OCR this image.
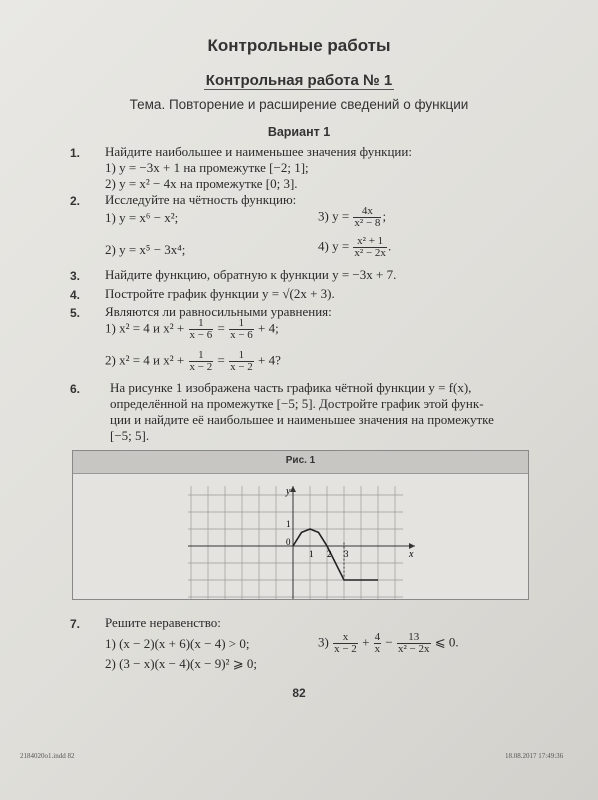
Контрольные работы
Контрольная работа № 1
Тема. Повторение и расширение сведений о функции
Вариант 1
1. Найдите наибольшее и наименьшее значения функции:
1) y = −3x + 1 на промежутке [−2; 1];
2) y = x² − 4x на промежутке [0; 3].
2. Исследуйте на чётность функцию:
1) y = x⁶ − x²;	3) $y = \frac{4x}{\text{x² − 8}}$ ;
2) y = x⁵ − 3x⁴;	4) $y = \frac{\text{x² + 1}}{\text{x² − 2x}}$ .
3. Найдите функцию, обратную к функции y = −3x + 7.
4. Постройте график функции y = √(2x + 3).
5. Являются ли равносильными уравнения:
1) x² = 4 и $x^2 + \frac{1}{x - 6} = \frac{1}{x - 6} + 4$;
2) x² = 4 и $x^2 + \frac{1}{x - 2} = \frac{1}{x - 2} + 4$?
6. На рисунке 1 изображена часть графика чётной функции y = f(x),
определённой на промежутке [−5; 5]. Достройте график этой функ-
ции и найдите её наибольшее и наименьшее значения на промежутке
[−5; 5].
Рис. 1
y
x
0
1 2 3
1
7. Решите неравенство:
1) (x − 2)(x + 6)(x − 4) > 0;
2) (3 − x)(x − 4)(x − 9)² ⩾ 0;
$3) \frac{x}{x - 2} + \frac{4}{x} - \frac{13}{\text{x² − 2x}}$ ⩽ 0.
82
2184020o1.indd 82	18.08.2017 17:49:36
